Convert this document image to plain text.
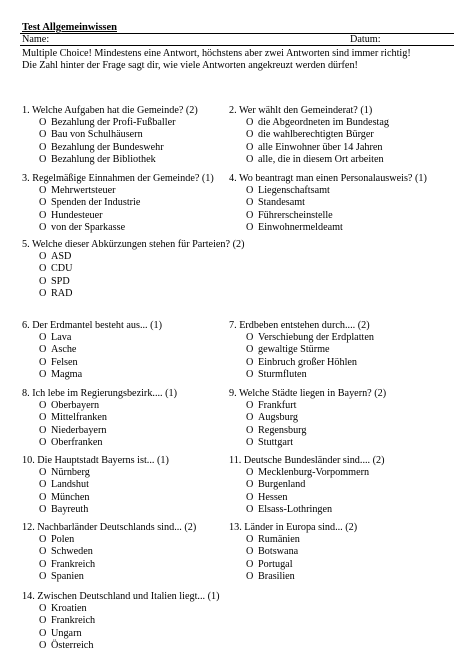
Test Allgemeinwissen
Name:	Datum:
Multiple Choice! Mindestens eine Antwort, höchstens aber zwei Antworten sind immer richtig!
Die Zahl hinter der Frage sagt dir, wie viele Antworten angekreuzt werden dürfen!
1. Welche Aufgaben hat die Gemeinde? (2)
O Bezahlung der Profi-Fußballer
O Bau von Schulhäusern
O Bezahlung der Bundeswehr
O Bezahlung der Bibliothek
2. Wer wählt den Gemeinderat? (1)
O die Abgeordneten im Bundestag
O die wahlberechtigten Bürger
O alle Einwohner über 14 Jahren
O alle, die in diesem Ort arbeiten
3. Regelmäßige Einnahmen der Gemeinde? (1)
O Mehrwertsteuer
O Spenden der Industrie
O Hundesteuer
O von der Sparkasse
4. Wo beantragt man einen Personalausweis? (1)
O Liegenschaftsamt
O Standesamt
O Führerscheinstelle
O Einwohnermeldeamt
5. Welche dieser Abkürzungen stehen für Parteien? (2)
O ASD
O CDU
O SPD
O RAD
6. Der Erdmantel besteht aus... (1)
O Lava
O Asche
O Felsen
O Magma
7. Erdbeben entstehen durch.... (2)
O Verschiebung der Erdplatten
O gewaltige Stürme
O Einbruch großer Höhlen
O Sturmfluten
8. Ich lebe im Regierungsbezirk.... (1)
O Oberbayern
O Mittelfranken
O Niederbayern
O Oberfranken
9. Welche Städte liegen in Bayern? (2)
O Frankfurt
O Augsburg
O Regensburg
O Stuttgart
10. Die Hauptstadt Bayerns ist... (1)
O Nürnberg
O Landshut
O München
O Bayreuth
11. Deutsche Bundesländer sind.... (2)
O Mecklenburg-Vorpommern
O Burgenland
O Hessen
O Elsass-Lothringen
12. Nachbarländer Deutschlands sind... (2)
O Polen
O Schweden
O Frankreich
O Spanien
13. Länder in Europa sind... (2)
O Rumänien
O Botswana
O Portugal
O Brasilien
14. Zwischen Deutschland und Italien liegt... (1)
O Kroatien
O Frankreich
O Ungarn
O Österreich
